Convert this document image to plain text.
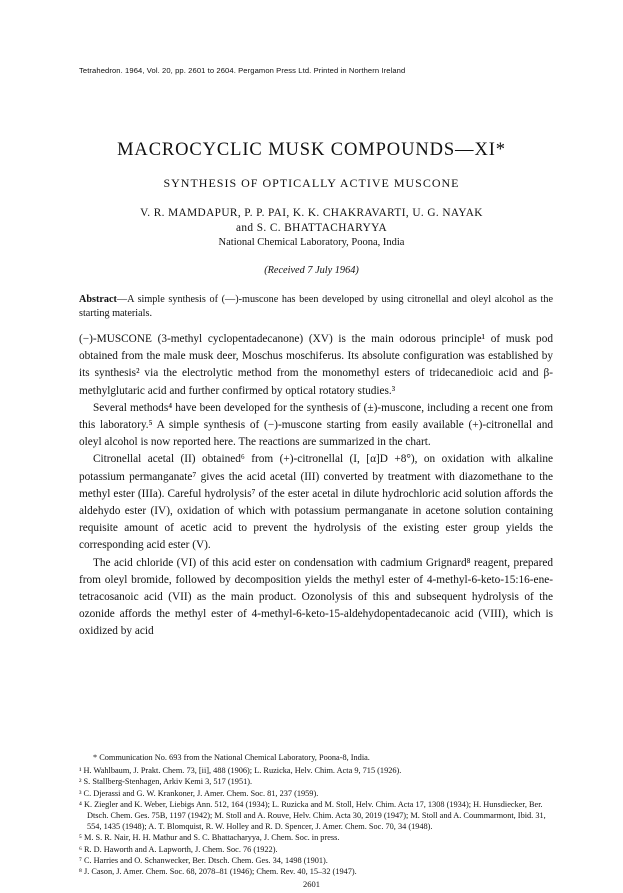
Tetrahedron. 1964, Vol. 20, pp. 2601 to 2604. Pergamon Press Ltd. Printed in Northern Ireland
MACROCYCLIC MUSK COMPOUNDS—XI*
SYNTHESIS OF OPTICALLY ACTIVE MUSCONE
V. R. MAMDAPUR, P. P. PAI, K. K. CHAKRAVARTI, U. G. NAYAK
and S. C. BHATTACHARYYA
National Chemical Laboratory, Poona, India
(Received 7 July 1964)
Abstract—A simple synthesis of (—)-muscone has been developed by using citronellal and oleyl alcohol as the starting materials.

(−)-MUSCONE (3-methyl cyclopentadecanone) (XV) is the main odorous principle¹ of musk pod obtained from the male musk deer, Moschus moschiferus. Its absolute configuration was established by its synthesis² via the electrolytic method from the monomethyl esters of tridecanedioic acid and β-methylglutaric acid and further confirmed by optical rotatory studies.³

Several methods⁴ have been developed for the synthesis of (±)-muscone, including a recent one from this laboratory.⁵ A simple synthesis of (−)-muscone starting from easily available (+)-citronellal and oleyl alcohol is now reported here. The reactions are summarized in the chart.

Citronellal acetal (II) obtained⁶ from (+)-citronellal (I, [α]D +8°), on oxidation with alkaline potassium permanganate⁷ gives the acid acetal (III) converted by treatment with diazomethane to the methyl ester (IIIa). Careful hydrolysis⁷ of the ester acetal in dilute hydrochloric acid solution affords the aldehydo ester (IV), oxidation of which with potassium permanganate in acetone solution containing requisite amount of acetic acid to prevent the hydrolysis of the existing ester group yields the corresponding acid ester (V).

The acid chloride (VI) of this acid ester on condensation with cadmium Grignard⁸ reagent, prepared from oleyl bromide, followed by decomposition yields the methyl ester of 4-methyl-6-keto-15:16-ene-tetracosanoic acid (VII) as the main product. Ozonolysis of this and subsequent hydrolysis of the ozonide affords the methyl ester of 4-methyl-6-keto-15-aldehydopentadecanoic acid (VIII), which is oxidized by acid

* Communication No. 693 from the National Chemical Laboratory, Poona-8, India.

¹ H. Wahlbaum, J. Prakt. Chem. 73, [ii], 488 (1906); L. Ruzicka, Helv. Chim. Acta 9, 715 (1926).

² S. Stallberg-Stenhagen, Arkiv Kemi 3, 517 (1951).

³ C. Djerassi and G. W. Krankoner, J. Amer. Chem. Soc. 81, 237 (1959).

⁴ K. Ziegler and K. Weber, Liebigs Ann. 512, 164 (1934); L. Ruzicka and M. Stoll, Helv. Chim. Acta 17, 1308 (1934); H. Hunsdiecker, Ber. Dtsch. Chem. Ges. 75B, 1197 (1942); M. Stoll and A. Rouve, Helv. Chim. Acta 30, 2019 (1947); M. Stoll and A. Coummarmont, Ibid. 31, 554, 1435 (1948); A. T. Blomquist, R. W. Holley and R. D. Spencer, J. Amer. Chem. Soc. 70, 34 (1948).

⁵ M. S. R. Nair, H. H. Mathur and S. C. Bhattacharyya, J. Chem. Soc. in press.

⁶ R. D. Haworth and A. Lapworth, J. Chem. Soc. 76 (1922).

⁷ C. Harries and O. Schanwecker, Ber. Dtsch. Chem. Ges. 34, 1498 (1901).

⁸ J. Cason, J. Amer. Chem. Soc. 68, 2078–81 (1946); Chem. Rev. 40, 15–32 (1947).

2601
